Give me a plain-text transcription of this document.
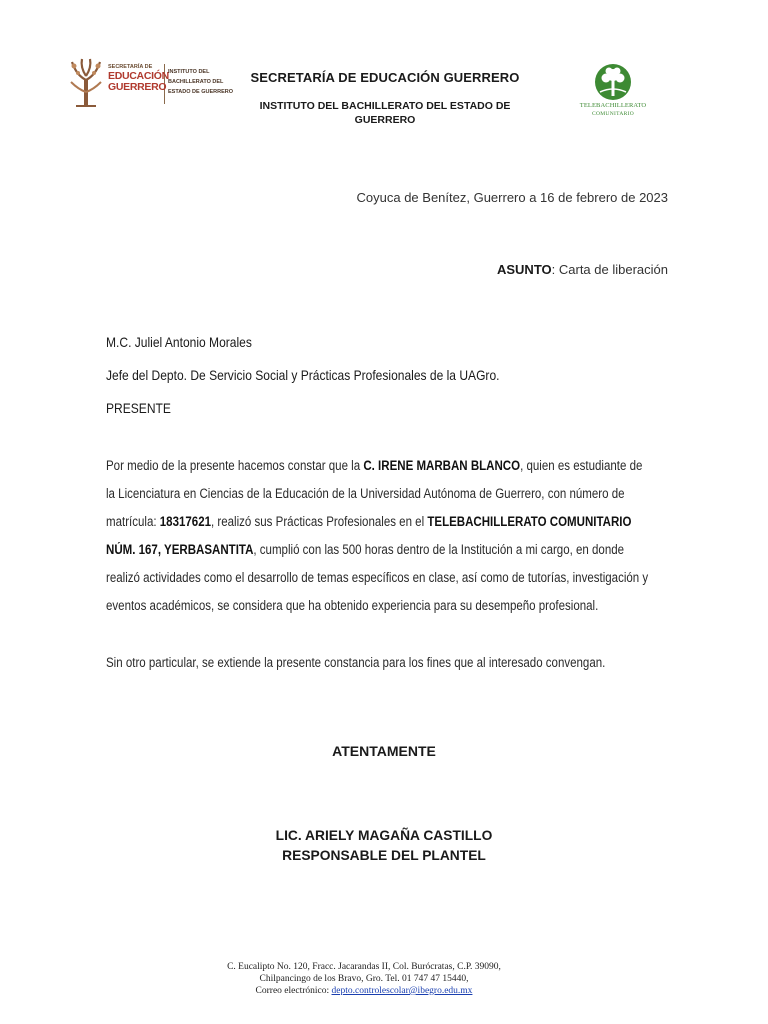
SECRETARÍA DE
EDUCACIÓN
GUERRERO
INSTITUTO DEL
BACHILLERATO DEL
ESTADO DE GUERRERO
SECRETARÍA DE EDUCACIÓN GUERRERO
INSTITUTO DEL BACHILLERATO DEL ESTADO DE
GUERRERO
TELEBACHILLERATO
COMUNITARIO
Coyuca de Benítez, Guerrero a 16 de febrero de 2023
ASUNTO: Carta de liberación
M.C. Juliel Antonio Morales
Jefe del Depto. De Servicio Social y Prácticas Profesionales de la UAGro.
PRESENTE
Por medio de la presente hacemos constar que la C. IRENE MARBAN BLANCO, quien es estudiante de
la Licenciatura en Ciencias de la Educación de la Universidad Autónoma de Guerrero, con número de
matrícula: 18317621, realizó sus Prácticas Profesionales en el TELEBACHILLERATO COMUNITARIO
NÚM. 167, YERBASANTITA, cumplió con las 500 horas dentro de la Institución a mi cargo, en donde
realizó actividades como el desarrollo de temas específicos en clase, así como de tutorías, investigación y
eventos académicos, se considera que ha obtenido experiencia para su desempeño profesional.
Sin otro particular, se extiende la presente constancia para los fines que al interesado convengan.
ATENTAMENTE
LIC. ARIELY MAGAÑA CASTILLO
RESPONSABLE DEL PLANTEL
C. Eucalipto No. 120, Fracc. Jacarandas II, Col. Burócratas, C.P. 39090,
Chilpancingo de los Bravo, Gro. Tel. 01 747 47 15440,
Correo electrónico: depto.controlescolar@ibegro.edu.mx
